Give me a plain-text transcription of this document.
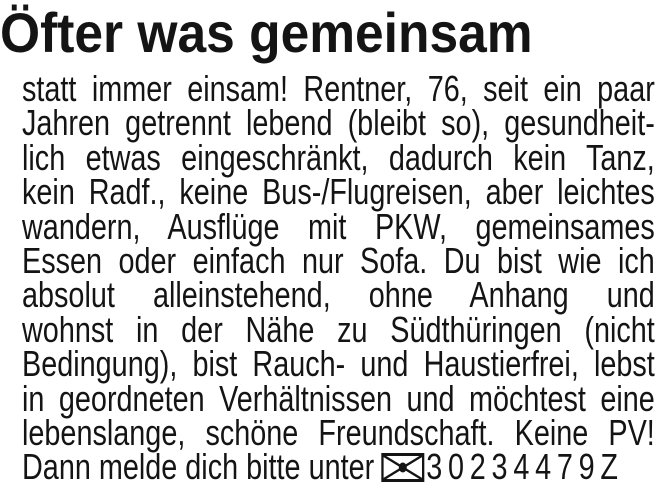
Öfter was gemeinsam
statt immer einsam! Rentner, 76, seit ein paar
Jahren getrennt lebend (bleibt so), gesundheit-
lich etwas eingeschränkt, dadurch kein Tanz,
kein Radf., keine Bus-/Flugreisen, aber leichtes
wandern, Ausflüge mit PKW, gemeinsames
Essen oder einfach nur Sofa. Du bist wie ich
absolut alleinstehend, ohne Anhang und
wohnst in der Nähe zu Südthüringen (nicht
Bedingung), bist Rauch- und Haustierfrei, lebst
in geordneten Verhältnissen und möchtest eine
lebenslange, schöne Freundschaft. Keine PV!
Dann melde dich bitte unter 30234479Z
